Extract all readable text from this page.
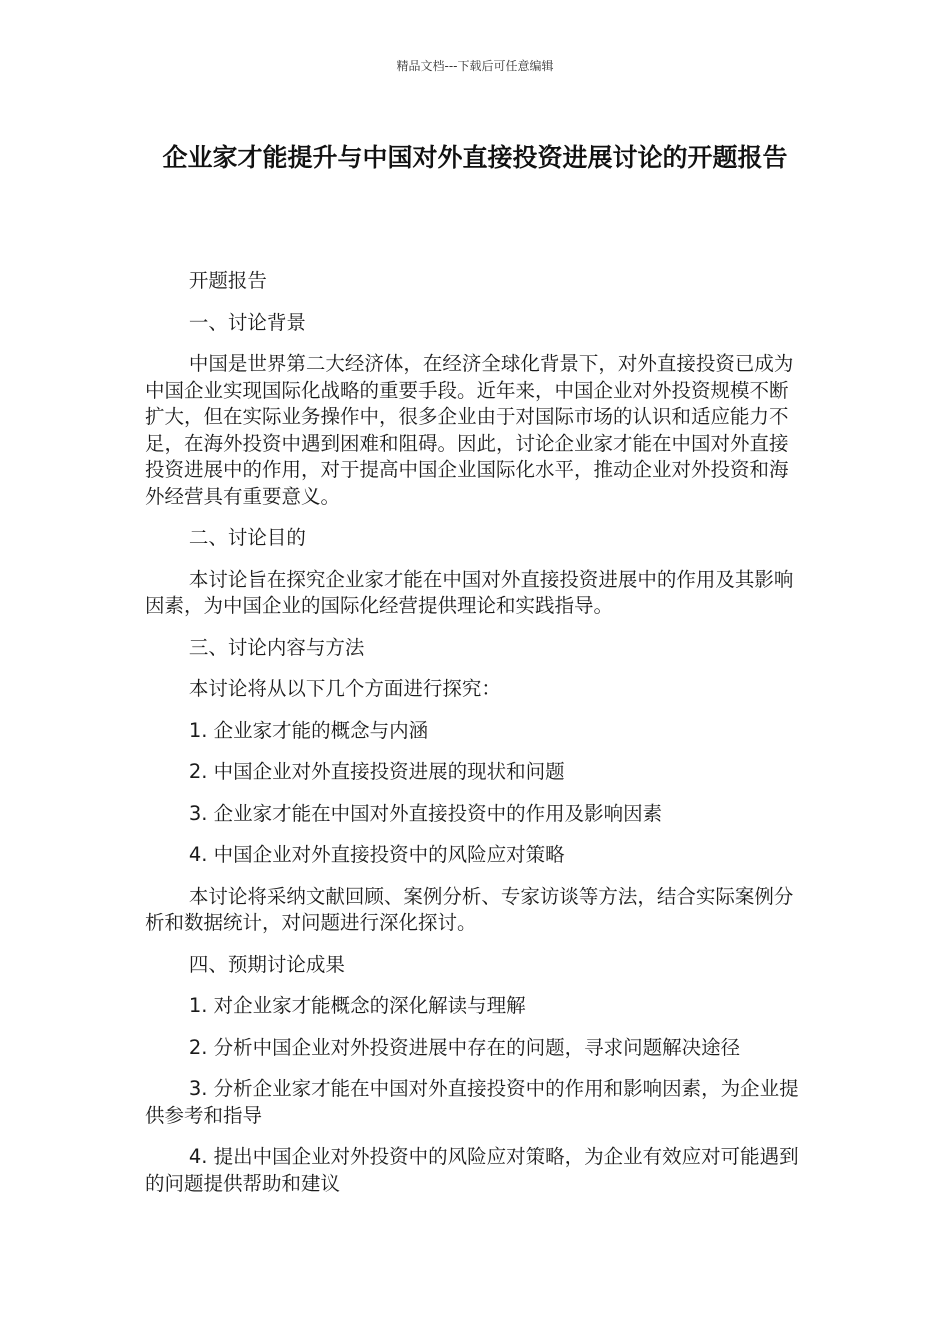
精品文档---下载后可任意编辑
企业家才能提升与中国对外直接投资进展讨论的开题报告

开题报告

一、讨论背景

中国是世界第二大经济体，在经济全球化背景下，对外直接投资已成为中国企业实现国际化战略的重要手段。近年来，中国企业对外投资规模不断扩大，但在实际业务操作中，很多企业由于对国际市场的认识和适应能力不足，在海外投资中遇到困难和阻碍。因此，讨论企业家才能在中国对外直接投资进展中的作用，对于提高中国企业国际化水平，推动企业对外投资和海外经营具有重要意义。

二、讨论目的

本讨论旨在探究企业家才能在中国对外直接投资进展中的作用及其影响因素，为中国企业的国际化经营提供理论和实践指导。

三、讨论内容与方法

本讨论将从以下几个方面进行探究：

1. 企业家才能的概念与内涵

2. 中国企业对外直接投资进展的现状和问题

3. 企业家才能在中国对外直接投资中的作用及影响因素

4. 中国企业对外直接投资中的风险应对策略

本讨论将采纳文献回顾、案例分析、专家访谈等方法，结合实际案例分析和数据统计，对问题进行深化探讨。

四、预期讨论成果

1. 对企业家才能概念的深化解读与理解

2. 分析中国企业对外投资进展中存在的问题，寻求问题解决途径

3. 分析企业家才能在中国对外直接投资中的作用和影响因素，为企业提供参考和指导

4. 提出中国企业对外投资中的风险应对策略，为企业有效应对可能遇到的问题提供帮助和建议
